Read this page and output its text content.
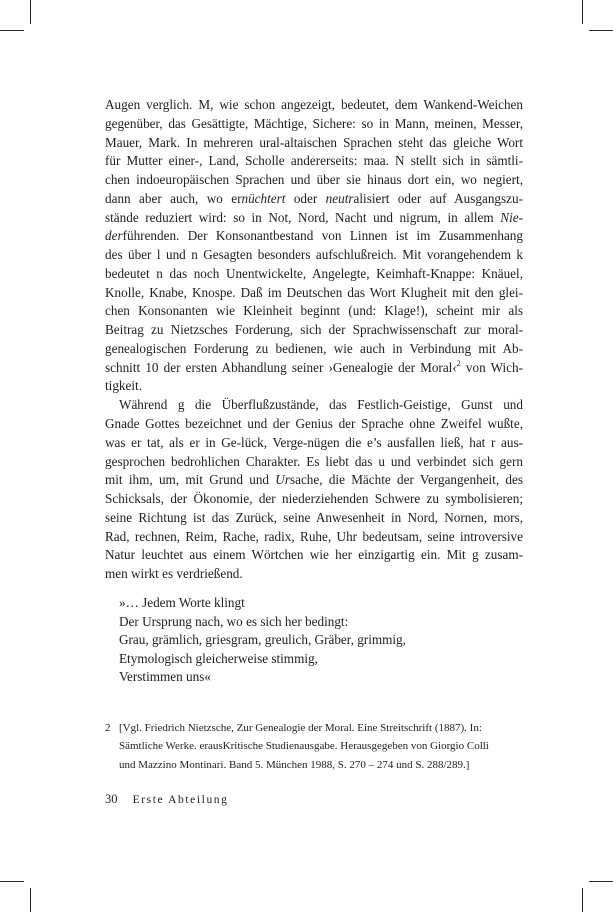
Augen verglich. M, wie schon angezeigt, bedeutet, dem Wankend-Weichen
gegenüber, das Gesättigte, Mächtige, Sichere: so in Mann, meinen, Messer,
Mauer, Mark. In mehreren ural-altaischen Sprachen steht das gleiche Wort
für Mutter einer-, Land, Scholle andererseits: maa. N stellt sich in sämtli-
chen indoeuropäischen Sprachen und über sie hinaus dort ein, wo negiert,
dann aber auch, wo ernüchtert oder neutralisiert oder auf Ausgangszu-
stände reduziert wird: so in Not, Nord, Nacht und nigrum, in allem Nie-
derführenden. Der Konsonantbestand von Linnen ist im Zusammenhang
des über l und n Gesagten besonders aufschlußreich. Mit vorangehendem k
bedeutet n das noch Unentwickelte, Angelegte, Keimhaft-Knappe: Knäuel,
Knolle, Knabe, Knospe. Daß im Deutschen das Wort Klugheit mit den glei-
chen Konsonanten wie Kleinheit beginnt (und: Klage!), scheint mir als
Beitrag zu Nietzsches Forderung, sich der Sprachwissenschaft zur moral-
genealogischen Forderung zu bedienen, wie auch in Verbindung mit Ab-
schnitt 10 der ersten Abhandlung seiner ›Genealogie der Moral‹$^2$ von Wich-
tigkeit.
Während g die Überflußzustände, das Festlich-Geistige, Gunst und
Gnade Gottes bezeichnet und der Genius der Sprache ohne Zweifel wußte,
was er tat, als er in Ge-lück, Verge-nügen die e’s ausfallen ließ, hat r aus-
gesprochen bedrohlichen Charakter. Es liebt das u und verbindet sich gern
mit ihm, um, mit Grund und Ursache, die Mächte der Vergangenheit, des
Schicksals, der Ökonomie, der niederziehenden Schwere zu symbolisieren;
seine Richtung ist das Zurück, seine Anwesenheit in Nord, Nornen, mors,
Rad, rechnen, Reim, Rache, radix, Ruhe, Uhr bedeutsam, seine introversive
Natur leuchtet aus einem Wörtchen wie her einzigartig ein. Mit g zusam-
men wirkt es verdrießend.
»… Jedem Worte klingt
Der Ursprung nach, wo es sich her bedingt:
Grau, grämlich, griesgram, greulich, Gräber, grimmig,
Etymologisch gleicherweise stimmig,
Verstimmen uns«
2 [Vgl. Friedrich Nietzsche, Zur Genealogie der Moral. Eine Streitschrift (1887). In:
Sämtliche Werke. erausKritische Studienausgabe. Herausgegeben von Giorgio Colli
und Mazzino Montinari. Band 5. München 1988, S. 270 – 274 und S. 288/289.]
30 Erste Abteilung
